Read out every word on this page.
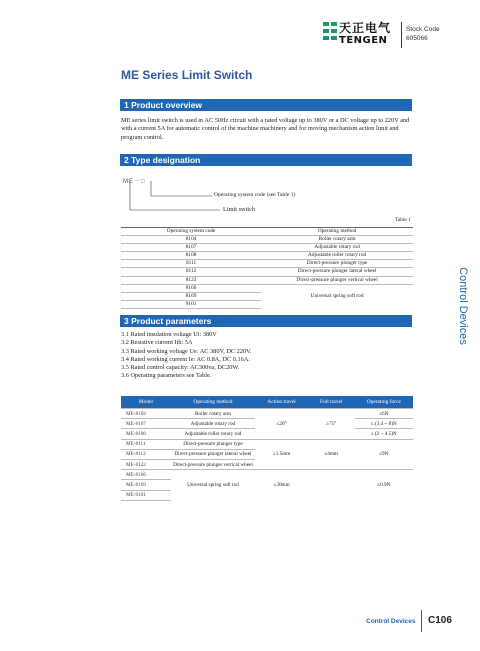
天正电气
TENGEN
Stock Code
605066
ME Series Limit Switch
1 Product overview
ME series limit switch is used in AC 50Hz circuit with a rated voltage up to 380V or a DC voltage up to 220V and with a current 5A for automatic control of the machine machinery and for moving mechanism action limit and program control.
2 Type designation
ME－□
Operating system code (see Table 1)
Limit switch
Table 1
Operating system code	Operating method
8104	Roller rotary arm
8107	Adjustable rotary rod
8108	Adjustable roller rotary rod
8111	Direct-pressure plunger type
8112	Direct-pressure plunger lateral wheel
8122	Direct-pressure plunger vertical wheel
8166	Universal spring soft rod
8169	
9101	
3 Product parameters
3.1 Rated insulation voltage Ui: 380V
3.2 Resistive current Ith: 5A
3.3 Rated working voltage Ue: AC 380V, DC 220V.
3.4 Rated working current Ie: AC 0.8A, DC 0.16A.
3.5 Rated control capacity: AC300va, DC20W.
3.6 Operating parameters see Table.
Model	Operating method	Action travel	Full travel	Operating force
ME-8104	Roller rotary arm	≤20°	≥75°	≤6N
ME-8107	Adjustable rotary rod			≤ (3.4 ~ 8)N
ME-8108	Adjustable roller rotary rod			≤ (2 ~ 4.5)N
ME-8111	Direct-pressure plunger type	≤1.5mm	≥4mm	≤9N
ME-8112	Direct-pressure plunger lateral wheel			
ME-8122	Direct-pressure plunger vertical wheel			
ME-8166	Universal spring soft rod	≤30mm		≤0.9N
ME-8169				
ME-9101				
Control Devices
Control Devices C106
